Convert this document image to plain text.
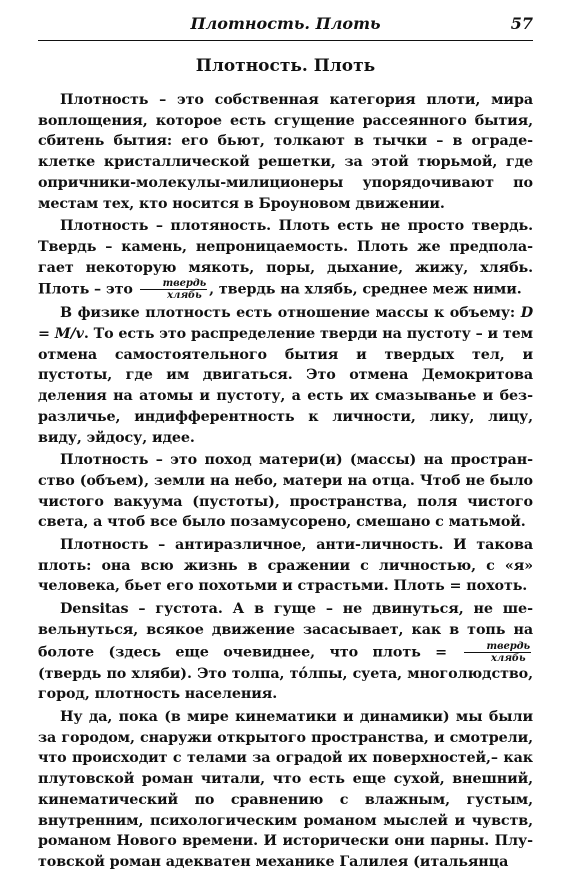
Плотность. Плоть	57
Плотность. Плоть

Плотность – это собственная категория плоти, мира воплощения, которое есть сгущение рассеянного бытия, сбитень бытия: его бьют, толкают в тычки – в оградеклетке кристаллической решетки, за этой тюрьмой, где опричники-молекулы-милиционеры упорядочивают по местам тех, кто носится в Броуновом движении.

Плотность – плотяность. Плоть есть не просто твердь. Твердь – камень, непроницаемость. Плоть же предполагает некоторую мякоть, поры, дыхание, жижу, хлябь. Плоть – это $\frac{\text{твердь}}{\text{хлябь}}$ , твердь на хлябь, среднее меж ними.

В физике плотность есть отношение массы к объему: D = M/v. То есть это распределение тверди на пустоту – и тем отмена самостоятельного бытия и твердых тел, и пустоты, где им двигаться. Это отмена Демокритова деления на атомы и пустоту, а есть их смазыванье и безразличье, индифферентность к личности, лику, лицу, виду, эйдосу, идее.

Плотность – это поход матери(и) (массы) на пространство (объем), земли на небо, матери на отца. Чтоб не было чистого вакуума (пустоты), пространства, поля чистого света, а чтоб все было позамусорено, смешано с матьмой.

Плотность – антиразличное, анти-личность. И такова плоть: она всю жизнь в сражении с личностью, с «я» человека, бьет его похотьми и страстьми. Плоть = похоть.

Densitas – густота. А в гуще – не двинуться, не шевельнуться, всякое движение засасывает, как в топь на болоте (здесь еще очевиднее, что плоть = $\frac{\text{твердь}}{\text{хлябь}}$
(твердь по хляби). Это толпа, тóлпы, суета, многолюдство, город, плотность населения.

Ну да, пока (в мире кинематики и динамики) мы были за городом, снаружи открытого пространства, и смотрели, что происходит с телами за оградой их поверхностей,– как плутовской роман читали, что есть еще сухой, внешний, кинематический по сравнению с влажным, густым, внутренним, психологическим романом мыслей и чувств, романом Нового времени. И исторически они парны. Плутовской роман адекватен механике Галилея (итальянца
